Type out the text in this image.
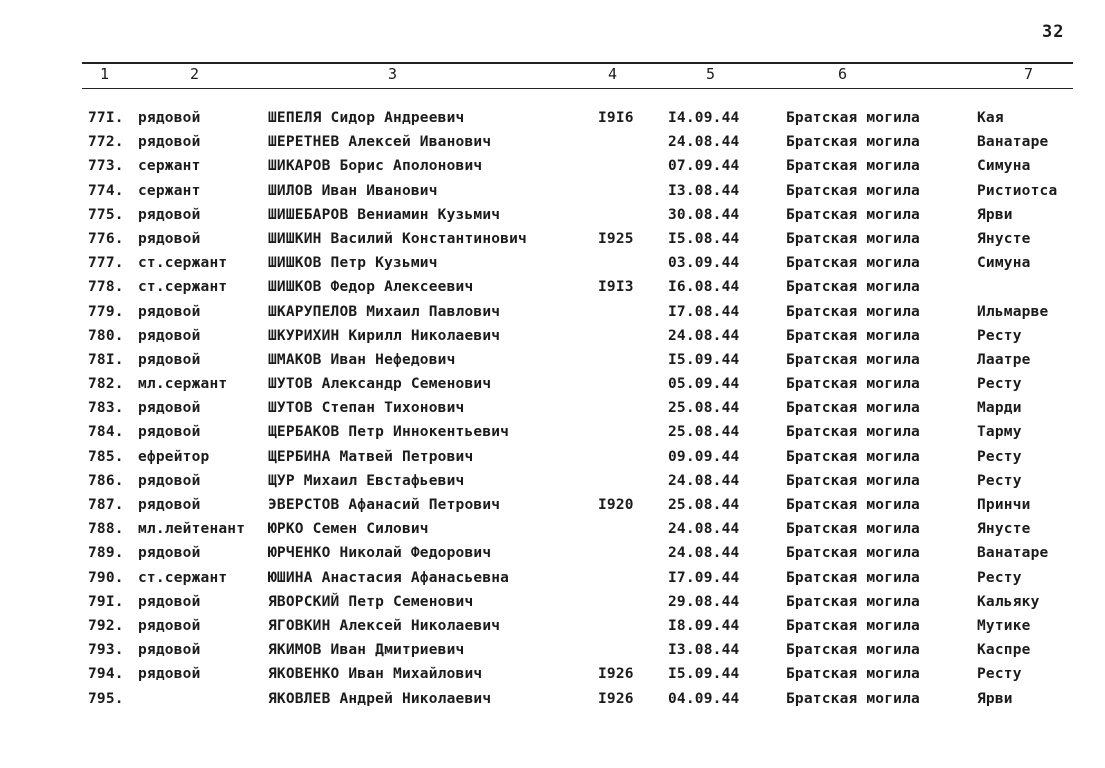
32
1	2	3	4	5	6	7
77I. рядовой	ШЕПЕЛЯ Сидор Андреевич	I9I6 I4.09.44	Братская могила	Кая
772. рядовой	ШЕРЕТНЕВ Алексей Иванович	24.08.44	Братская могила	Ванатаре
773. сержант	ШИКАРОВ Борис Аполонович	07.09.44	Братская могила	Симуна
774. сержант	ШИЛОВ Иван Иванович	I3.08.44	Братская могила	Ристиотса
775. рядовой	ШИШЕБАРОВ Вениамин Кузьмич	30.08.44	Братская могила	Ярви
776. рядовой	ШИШКИН Василий Константинович	I925 I5.08.44	Братская могила	Янусте
777. ст.сержант	ШИШКОВ Петр Кузьмич	03.09.44	Братская могила	Симуна
778. ст.сержант	ШИШКОВ Федор Алексеевич	I9I3 I6.08.44	Братская могила
779. рядовой	ШКАРУПЕЛОВ Михаил Павлович	I7.08.44	Братская могила	Ильмарве
780. рядовой	ШКУРИХИН Кирилл Николаевич	24.08.44	Братская могила	Ресту
78I. рядовой	ШМАКОВ Иван Нефедович	I5.09.44	Братская могила	Лаатре
782. мл.сержант	ШУТОВ Александр Семенович	05.09.44	Братская могила	Ресту
783. рядовой	ШУТОВ Степан Тихонович	25.08.44	Братская могила	Марди
784. рядовой	ЩЕРБАКОВ Петр Иннокентьевич	25.08.44	Братская могила	Тарму
785. ефрейтор	ЩЕРБИНА Матвей Петрович	09.09.44	Братская могила	Ресту
786. рядовой	ЩУР Михаил Евстафьевич	24.08.44	Братская могила	Ресту
787. рядовой	ЭВЕРСТОВ Афанасий Петрович	I920 25.08.44	Братская могила	Принчи
788. мл.лейтенант ЮРКО Семен Силович	24.08.44	Братская могила	Янусте
789. рядовой	ЮРЧЕНКО Николай Федорович	24.08.44	Братская могила	Ванатаре
790. ст.сержант	ЮШИНА Анастасия Афанасьевна	I7.09.44	Братская могила	Ресту
79I. рядовой	ЯВОРСКИЙ Петр Семенович	29.08.44	Братская могила	Кальяку
792. рядовой	ЯГОВКИН Алексей Николаевич	I8.09.44	Братская могила	Мутике
793. рядовой	ЯКИМОВ Иван Дмитриевич	I3.08.44	Братская могила	Каспре
794. рядовой	ЯКОВЕНКО Иван Михайлович	I926 I5.09.44	Братская могила	Ресту
795.	ЯКОВЛЕВ Андрей Николаевич	I926 04.09.44	Братская могила	Ярви
